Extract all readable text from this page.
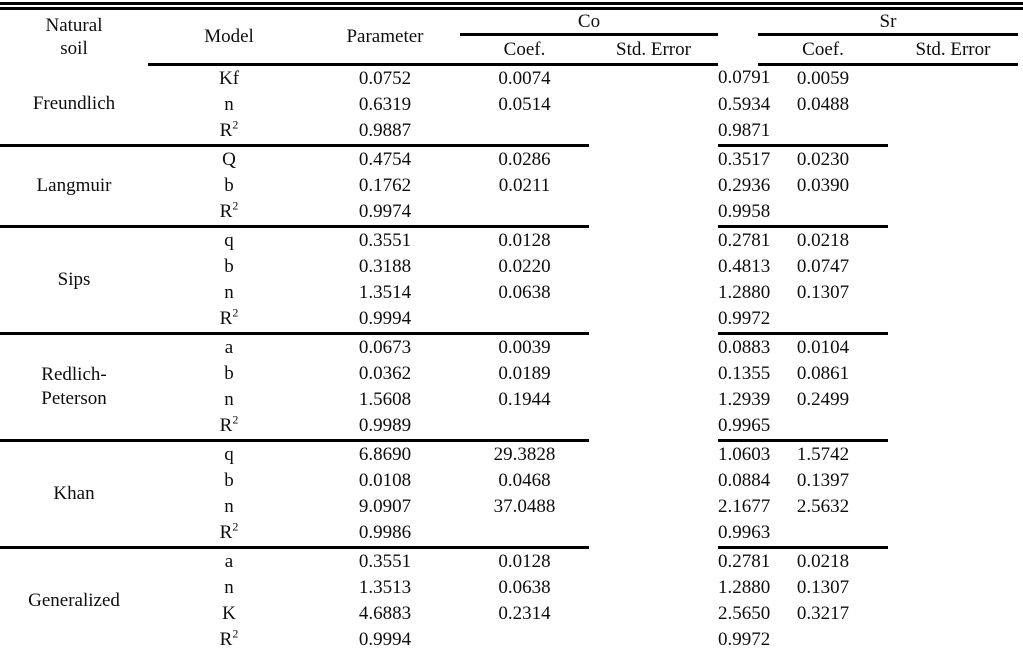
Natural
soil	Model	Parameter	Co			Sr	
			Coef.	Std. Error		Coef.	Std. Error
Freundlich	Kf	0.0752	0.0074		0.0791	0.0059	
	n	0.6319	0.0514		0.5934	0.0488	
	$R^2$	0.9887			0.9871		
Langmuir	Q	0.4754	0.0286		0.3517	0.0230	
	b	0.1762	0.0211		0.2936	0.0390	
	$R^2$	0.9974			0.9958		
Sips	q	0.3551	0.0128		0.2781	0.0218	
	b	0.3188	0.0220		0.4813	0.0747	
	n	1.3514	0.0638		1.2880	0.1307	
	$R^2$	0.9994			0.9972		
Redlich-
Peterson	a	0.0673	0.0039		0.0883	0.0104	
	b	0.0362	0.0189		0.1355	0.0861	
	n	1.5608	0.1944		1.2939	0.2499	
	$R^2$	0.9989			0.9965		
Khan	q	6.8690	29.3828		1.0603	1.5742	
	b	0.0108	0.0468		0.0884	0.1397	
	n	9.0907	37.0488		2.1677	2.5632	
	$R^2$	0.9986			0.9963		
Generalized	a	0.3551	0.0128		0.2781	0.0218	
	n	1.3513	0.0638		1.2880	0.1307	
	K	4.6883	0.2314		2.5650	0.3217	
	$R^2$	0.9994			0.9972		
